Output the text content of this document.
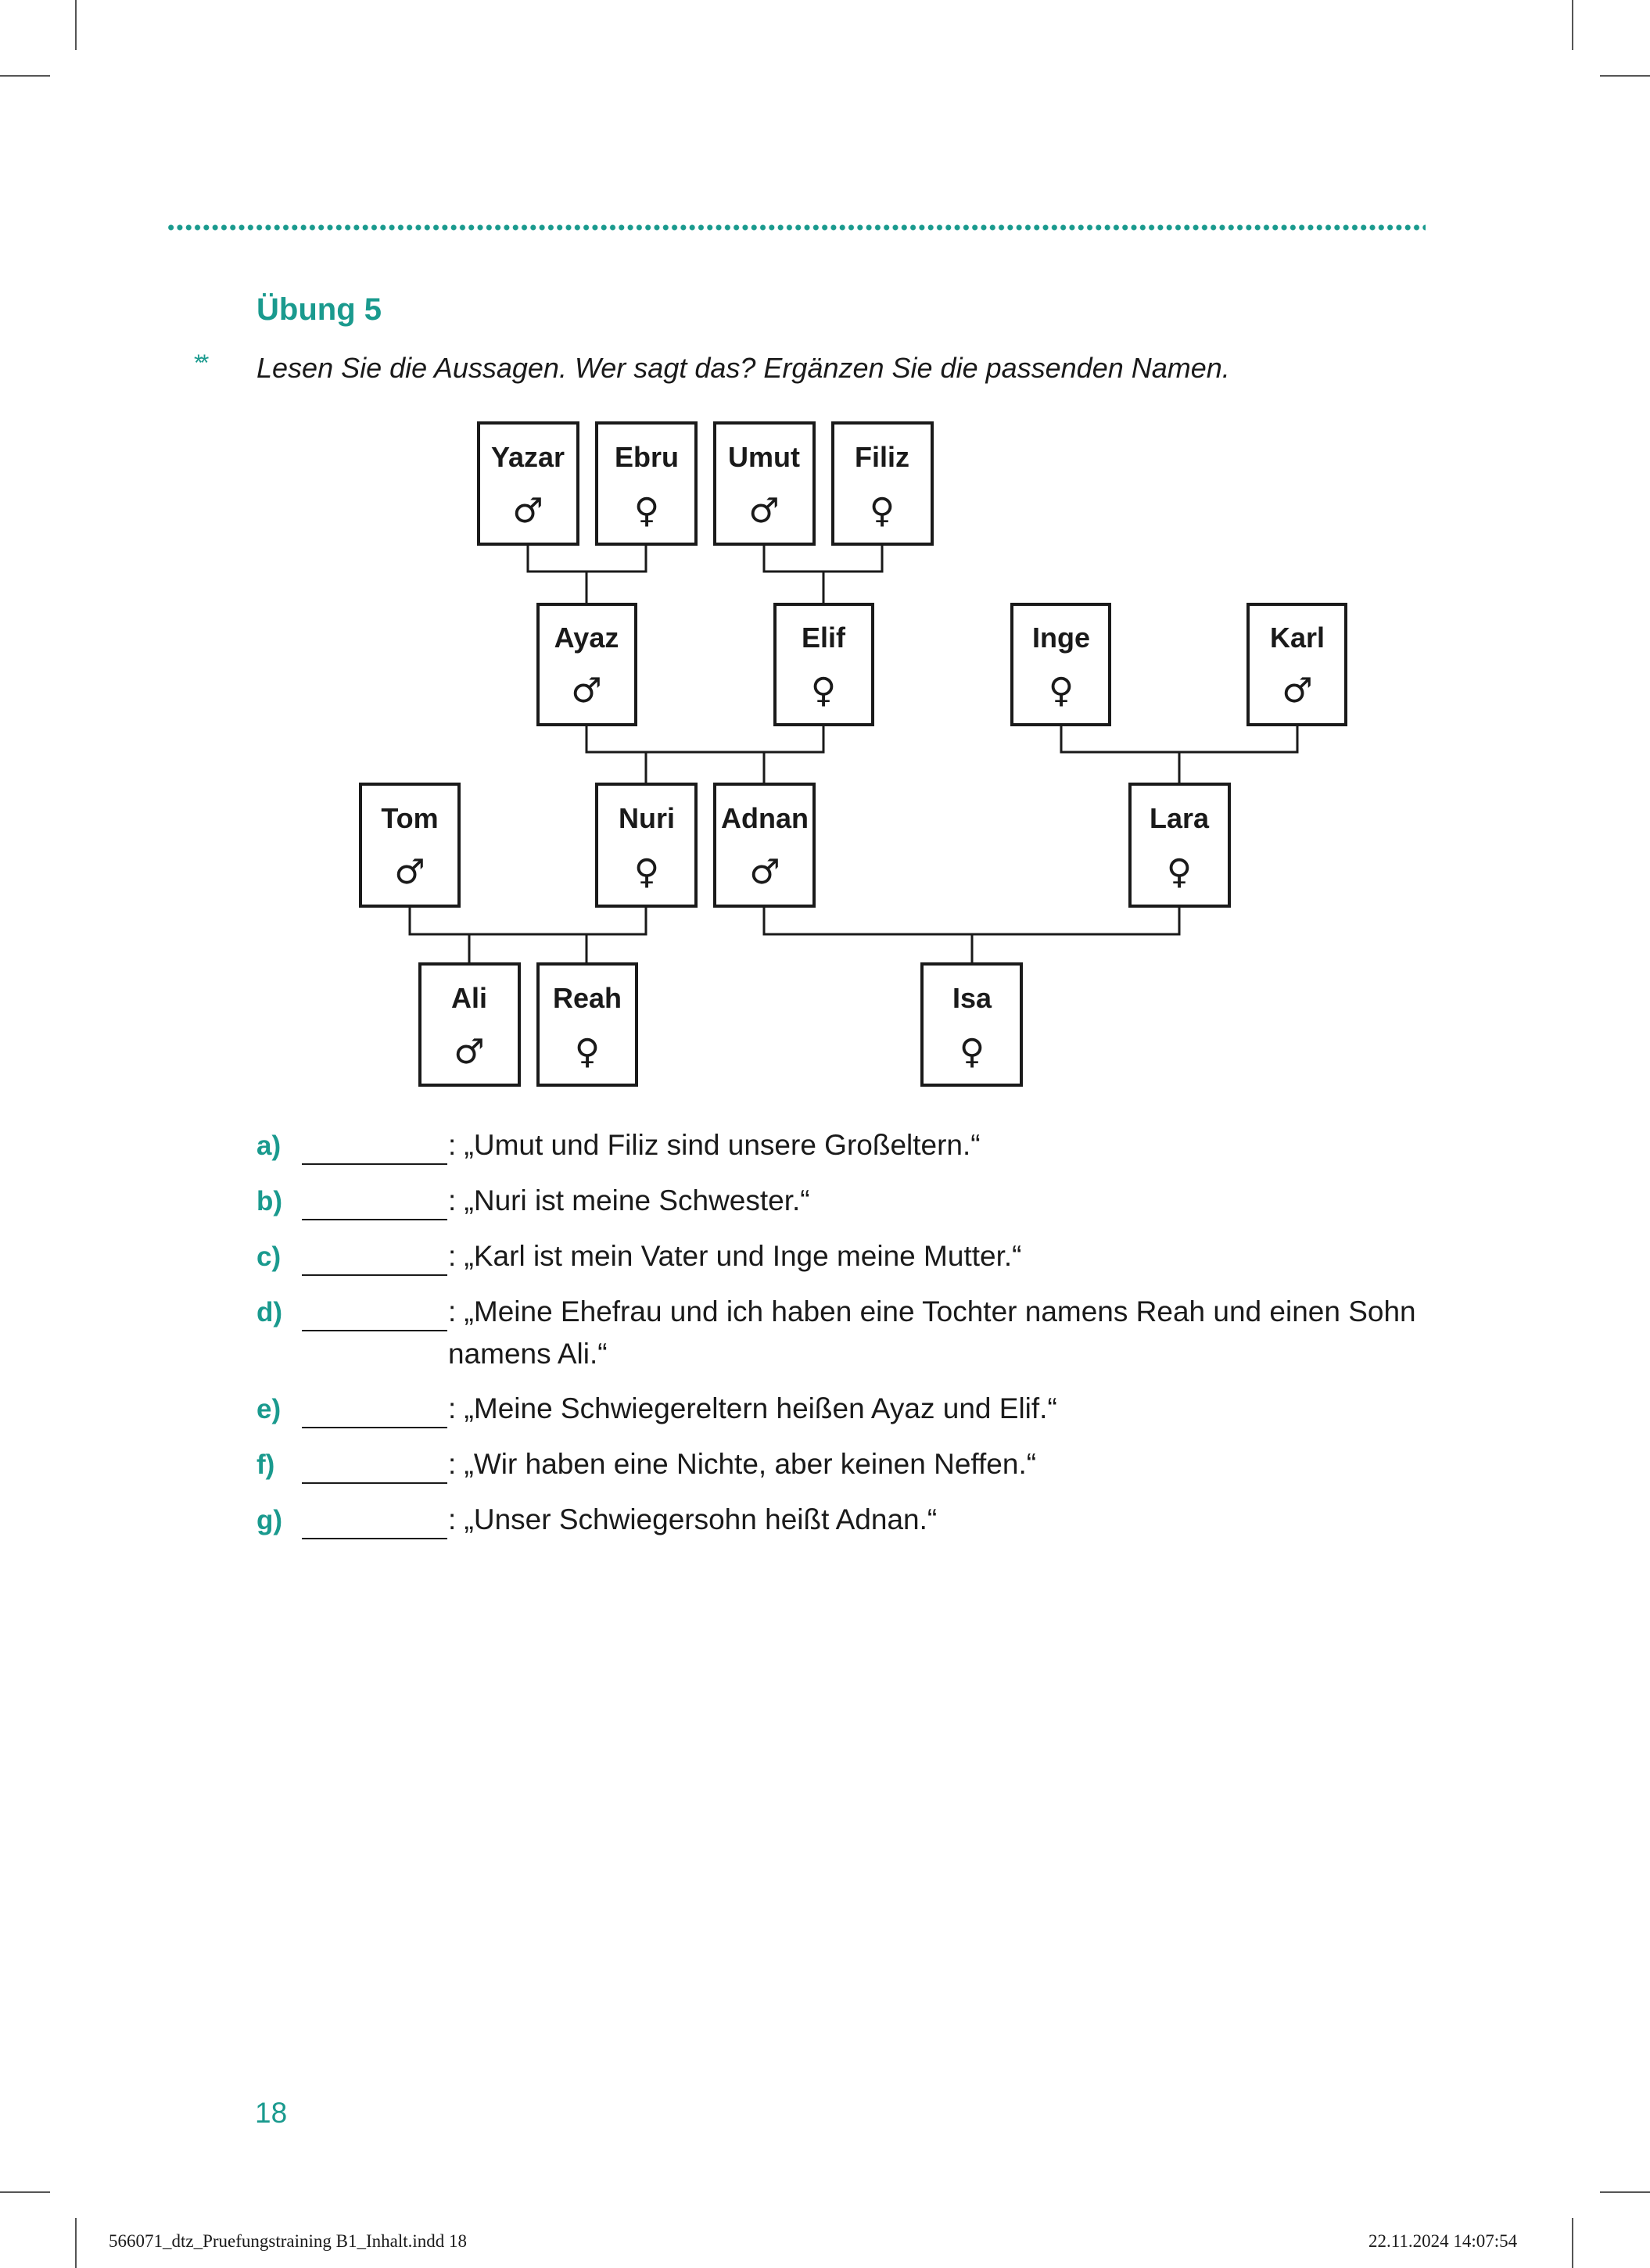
Übung 5
** Lesen Sie die Aussagen. Wer sagt das? Ergänzen Sie die passenden Namen.
Yazar
♂
Ebru
♀
Umut
♂
Filiz
♀
Ayaz
♂
Elif
♀
Inge
♀
Karl
♂
Tom
♂
Nuri
♀
Adnan
♂
Lara
♀
Ali
♂
Reah
♀
Isa
♀
a)	: „Umut und Filiz sind unsere Großeltern.“
b)	: „Nuri ist meine Schwester.“
c)	: „Karl ist mein Vater und Inge meine Mutter.“
d)	: „Meine Ehefrau und ich haben eine Tochter namens Reah und einen Sohn namens Ali.“
e)	: „Meine Schwiegereltern heißen Ayaz und Elif.“
f)	: „Wir haben eine Nichte, aber keinen Neffen.“
g)	: „Unser Schwiegersohn heißt Adnan.“
18
566071_dtz_Pruefungstraining B1_Inhalt.indd 18	22.11.2024 14:07:54
